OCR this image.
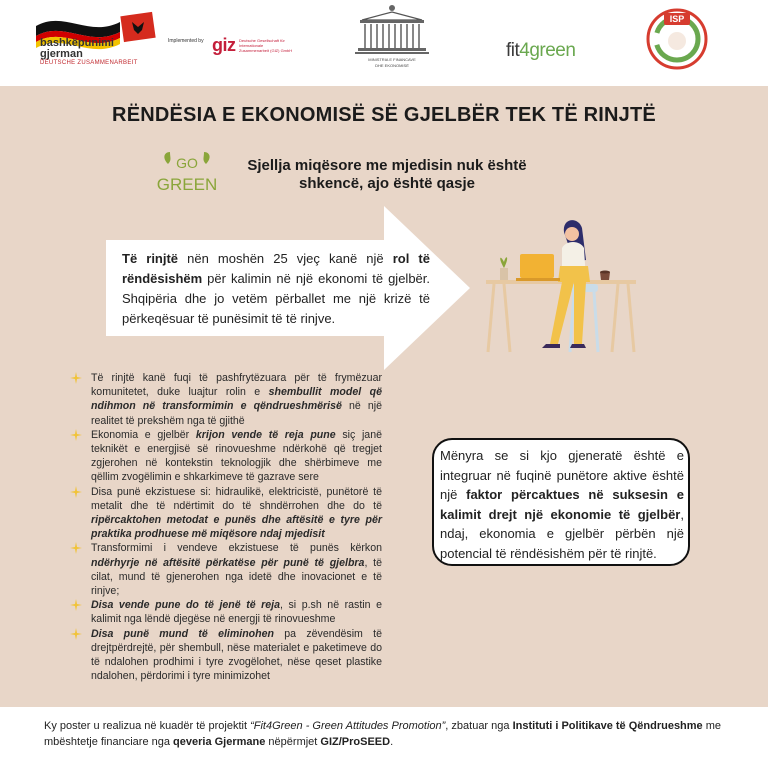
bashkëpunimi
gjerman
DEUTSCHE ZUSAMMENARBEIT
Implemented by giz Deutsche Gesellschaft für Internationale Zusammenarbeit (GIZ) GmbH
MINISTRIA E FINANCAVE
DHE EKONOMISË
fit4green
ISP
RËNDËSIA E EKONOMISË SË GJELBËR TEK TË RINJTË
GO
GREEN
Sjellja miqësore me mjedisin nuk është shkencë, ajo është qasje
Të rinjtë nën moshën 25 vjeç kanë një rol të rëndësishëm për kalimin në një ekonomi të gjelbër. Shqipëria dhe jo vetëm përballet me një krizë të përkeqësuar të punësimit të të rinjve.
Të rinjtë kanë fuqi të pashfrytëzuara për të frymëzuar komunitetet, duke luajtur rolin e shembullit model që ndihmon në transformimin e qëndrueshmërisë në një realitet të prekshëm nga të gjithë
Ekonomia e gjelbër krijon vende të reja pune siç janë teknikët e energjisë së rinovueshme ndërkohë që tregjet zgjerohen në kontekstin teknologjik dhe shërbimeve me qëllim zvogëlimin e shkarkimeve të gazrave sere
Disa punë ekzistuese si: hidraulikë, elektricistë, punëtorë të metalit dhe të ndërtimit do të shndërrohen dhe do të ripërcaktohen metodat e punës dhe aftësitë e tyre për praktika prodhuese më miqësore ndaj mjedisit
Transformimi i vendeve ekzistuese të punës kërkon ndërhyrje në aftësitë përkatëse për punë të gjelbra, të cilat, mund të gjenerohen nga idetë dhe inovacionet e të rinjve;
Disa vende pune do të jenë të reja, si p.sh në rastin e kalimit nga lëndë djegëse në energji të rinovueshme
Disa punë mund të eliminohen pa zëvendësim të drejtpërdrejtë, për shembull, nëse materialet e paketimeve do të ndalohen prodhimi i tyre zvogëlohet, nëse qeset plastike ndalohen, përdorimi i tyre minimizohet

Mënyra se si kjo gjeneratë është e integruar në fuqinë punëtore aktive është një faktor përcaktues në suksesin e kalimit drejt një ekonomie të gjelbër, ndaj, ekonomia e gjelbër përbën një potencial të rëndësishëm për të rinjtë.

Ky poster u realizua në kuadër të projektit “Fit4Green - Green Attitudes Promotion”, zbatuar nga Instituti i Politikave të Qëndrueshme me mbështetje financiare nga qeveria Gjermane nëpërmjet GIZ/ProSEED.
